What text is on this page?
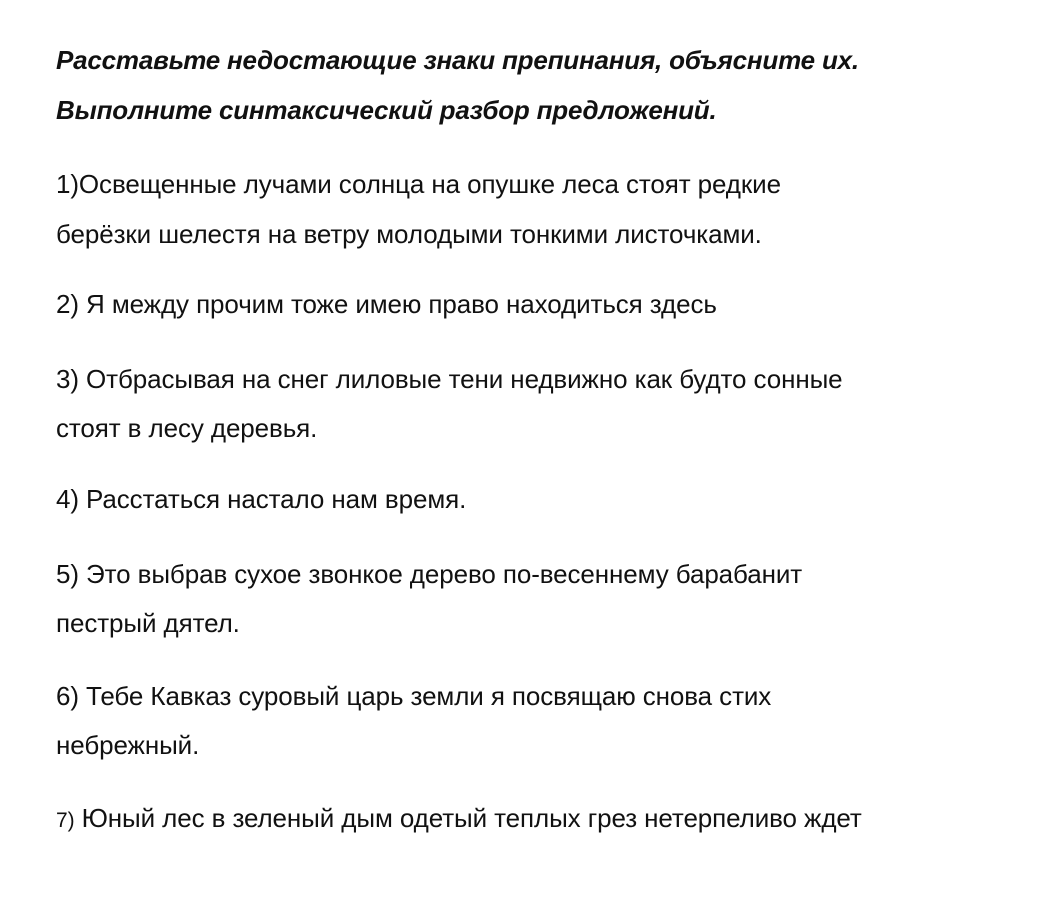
Расставьте недостающие знаки препинания, объясните их.
Выполните синтаксический разбор предложений.
1)Освещенные лучами солнца на опушке леса стоят редкие
берёзки шелестя на ветру молодыми тонкими листочками.
2) Я между прочим тоже имею право находиться здесь
3) Отбрасывая на снег лиловые тени недвижно как будто сонные
стоят в лесу деревья.
4) Расстаться настало нам время.
5) Это выбрав сухое звонкое дерево по-весеннему барабанит
пестрый дятел.
6) Тебе Кавказ суровый царь земли я посвящаю снова стих
небрежный.
7) Юный лес в зеленый дым одетый теплых грез нетерпеливо ждет
